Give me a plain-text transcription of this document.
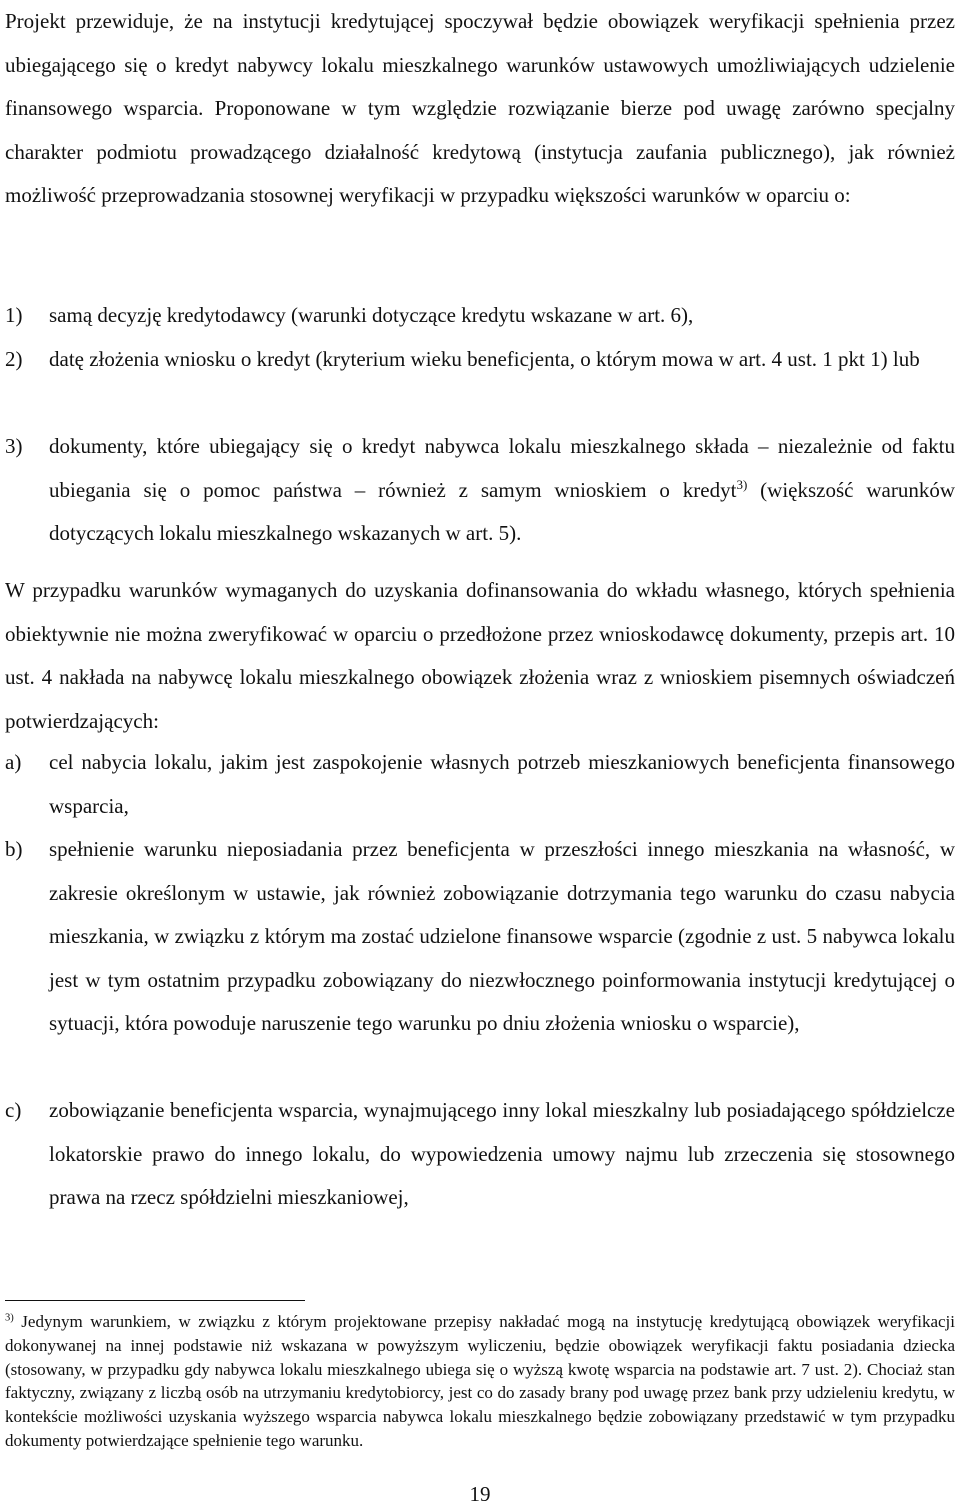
Projekt przewiduje, że na instytucji kredytującej spoczywał będzie obowiązek weryfikacji spełnienia przez ubiegającego się o kredyt nabywcy lokalu mieszkalnego warunków ustawowych umożliwiających udzielenie finansowego wsparcia. Proponowane w tym względzie rozwiązanie bierze pod uwagę zarówno specjalny charakter podmiotu prowadzącego działalność kredytową (instytucja zaufania publicznego), jak również możliwość przeprowadzania stosownej weryfikacji w przypadku większości warunków w oparciu o:

1)	samą decyzję kredytodawcy (warunki dotyczące kredytu wskazane w art. 6),
2)	datę złożenia wniosku o kredyt (kryterium wieku beneficjenta, o którym mowa w art. 4 ust. 1 pkt 1) lub
3)	dokumenty, które ubiegający się o kredyt nabywca lokalu mieszkalnego składa – niezależnie od faktu ubiegania się o pomoc państwa – również z samym wnioskiem o kredyt$^{3)}$ (większość warunków dotyczących lokalu mieszkalnego wskazanych w art. 5).

W przypadku warunków wymaganych do uzyskania dofinansowania do wkładu własnego, których spełnienia obiektywnie nie można zweryfikować w oparciu o przedłożone przez wnioskodawcę dokumenty, przepis art. 10 ust. 4 nakłada na nabywcę lokalu mieszkalnego obowiązek złożenia wraz z wnioskiem pisemnych oświadczeń potwierdzających:

a)	cel nabycia lokalu, jakim jest zaspokojenie własnych potrzeb mieszkaniowych beneficjenta finansowego wsparcia,
b)	spełnienie warunku nieposiadania przez beneficjenta w przeszłości innego mieszkania na własność, w zakresie określonym w ustawie, jak również zobowiązanie dotrzymania tego warunku do czasu nabycia mieszkania, w związku z którym ma zostać udzielone finansowe wsparcie (zgodnie z ust. 5 nabywca lokalu jest w tym ostatnim przypadku zobowiązany do niezwłocznego poinformowania instytucji kredytującej o sytuacji, która powoduje naruszenie tego warunku po dniu złożenia wniosku o wsparcie),
c)	zobowiązanie beneficjenta wsparcia, wynajmującego inny lokal mieszkalny lub posiadającego spółdzielcze lokatorskie prawo do innego lokalu, do wypowiedzenia umowy najmu lub zrzeczenia się stosownego prawa na rzecz spółdzielni mieszkaniowej,

$^{3)}$ Jedynym warunkiem, w związku z którym projektowane przepisy nakładać mogą na instytucję kredytującą obowiązek weryfikacji dokonywanej na innej podstawie niż wskazana w powyższym wyliczeniu, będzie obowiązek weryfikacji faktu posiadania dziecka (stosowany, w przypadku gdy nabywca lokalu mieszkalnego ubiega się o wyższą kwotę wsparcia na podstawie art. 7 ust. 2). Chociaż stan faktyczny, związany z liczbą osób na utrzymaniu kredytobiorcy, jest co do zasady brany pod uwagę przez bank przy udzieleniu kredytu, w kontekście możliwości uzyskania wyższego wsparcia nabywca lokalu mieszkalnego będzie zobowiązany przedstawić w tym przypadku dokumenty potwierdzające spełnienie tego warunku.

19
